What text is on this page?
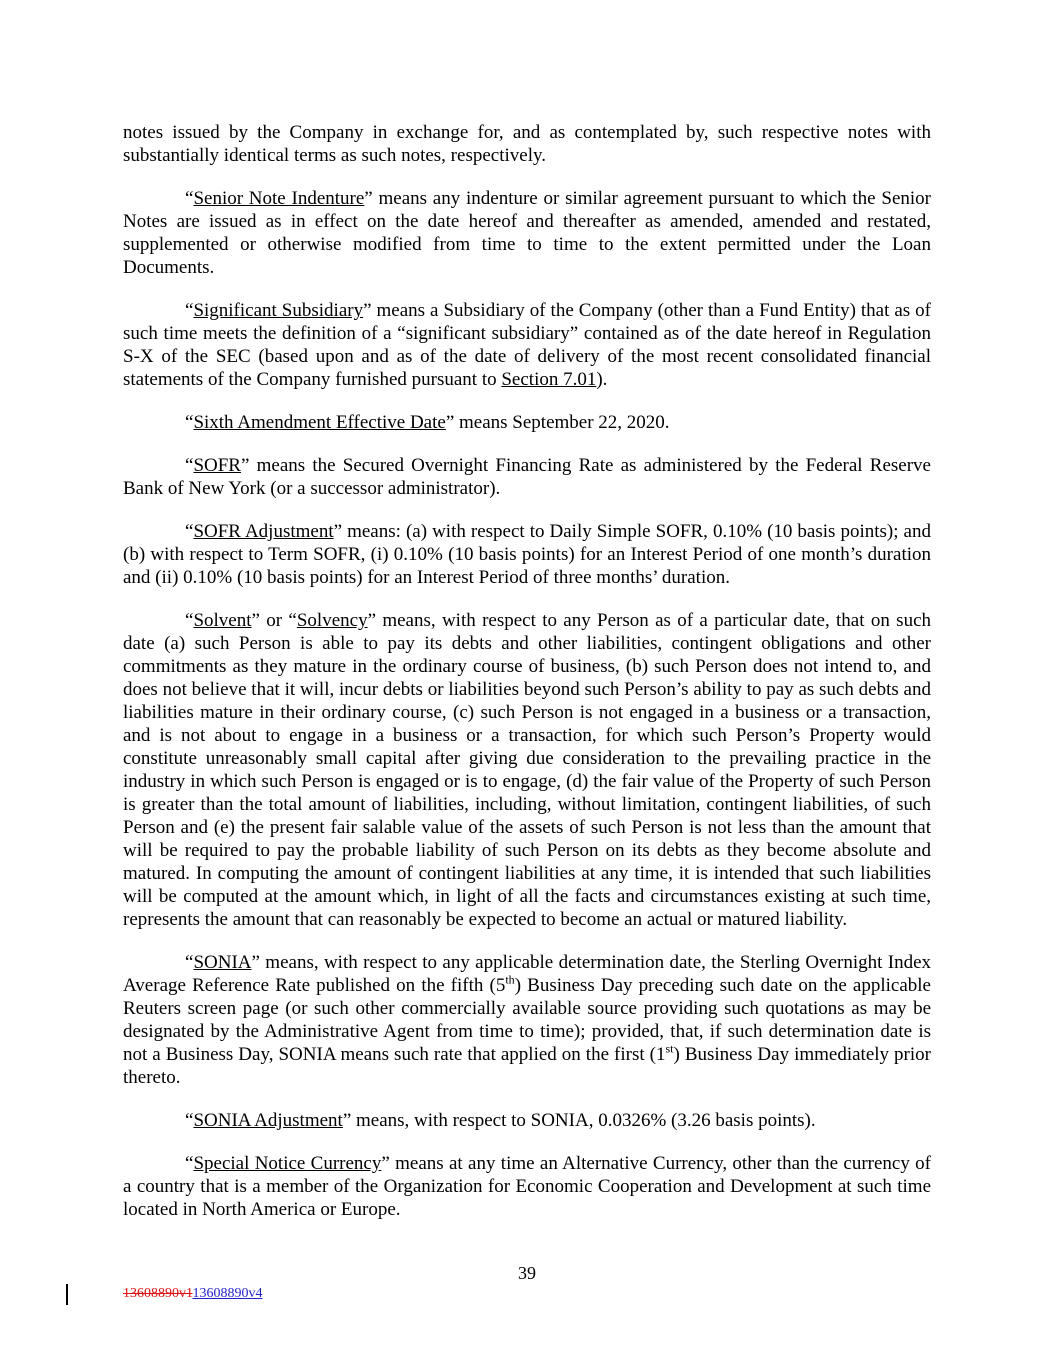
notes issued by the Company in exchange for, and as contemplated by, such respective notes with substantially identical terms as such notes, respectively.

“Senior Note Indenture” means any indenture or similar agreement pursuant to which the Senior Notes are issued as in effect on the date hereof and thereafter as amended, amended and restated, supplemented or otherwise modified from time to time to the extent permitted under the Loan Documents.

“Significant Subsidiary” means a Subsidiary of the Company (other than a Fund Entity) that as of such time meets the definition of a “significant subsidiary” contained as of the date hereof in Regulation S-X of the SEC (based upon and as of the date of delivery of the most recent consolidated financial statements of the Company furnished pursuant to Section 7.01).

“Sixth Amendment Effective Date” means September 22, 2020.

“SOFR” means the Secured Overnight Financing Rate as administered by the Federal Reserve Bank of New York (or a successor administrator).

“SOFR Adjustment” means: (a) with respect to Daily Simple SOFR, 0.10% (10 basis points); and (b) with respect to Term SOFR, (i) 0.10% (10 basis points) for an Interest Period of one month’s duration and (ii) 0.10% (10 basis points) for an Interest Period of three months’ duration.

“Solvent” or “Solvency” means, with respect to any Person as of a particular date, that on such date (a) such Person is able to pay its debts and other liabilities, contingent obligations and other commitments as they mature in the ordinary course of business, (b) such Person does not intend to, and does not believe that it will, incur debts or liabilities beyond such Person’s ability to pay as such debts and liabilities mature in their ordinary course, (c) such Person is not engaged in a business or a transaction, and is not about to engage in a business or a transaction, for which such Person’s Property would constitute unreasonably small capital after giving due consideration to the prevailing practice in the industry in which such Person is engaged or is to engage, (d) the fair value of the Property of such Person is greater than the total amount of liabilities, including, without limitation, contingent liabilities, of such Person and (e) the present fair salable value of the assets of such Person is not less than the amount that will be required to pay the probable liability of such Person on its debts as they become absolute and matured. In computing the amount of contingent liabilities at any time, it is intended that such liabilities will be computed at the amount which, in light of all the facts and circumstances existing at such time, represents the amount that can reasonably be expected to become an actual or matured liability.

“SONIA” means, with respect to any applicable determination date, the Sterling Overnight Index Average Reference Rate published on the fifth (5th) Business Day preceding such date on the applicable Reuters screen page (or such other commercially available source providing such quotations as may be designated by the Administrative Agent from time to time); provided, that, if such determination date is not a Business Day, SONIA means such rate that applied on the first (1st) Business Day immediately prior thereto.

“SONIA Adjustment” means, with respect to SONIA, 0.0326% (3.26 basis points).

“Special Notice Currency” means at any time an Alternative Currency, other than the currency of a country that is a member of the Organization for Economic Cooperation and Development at such time located in North America or Europe.

39
13608890v113608890v4
